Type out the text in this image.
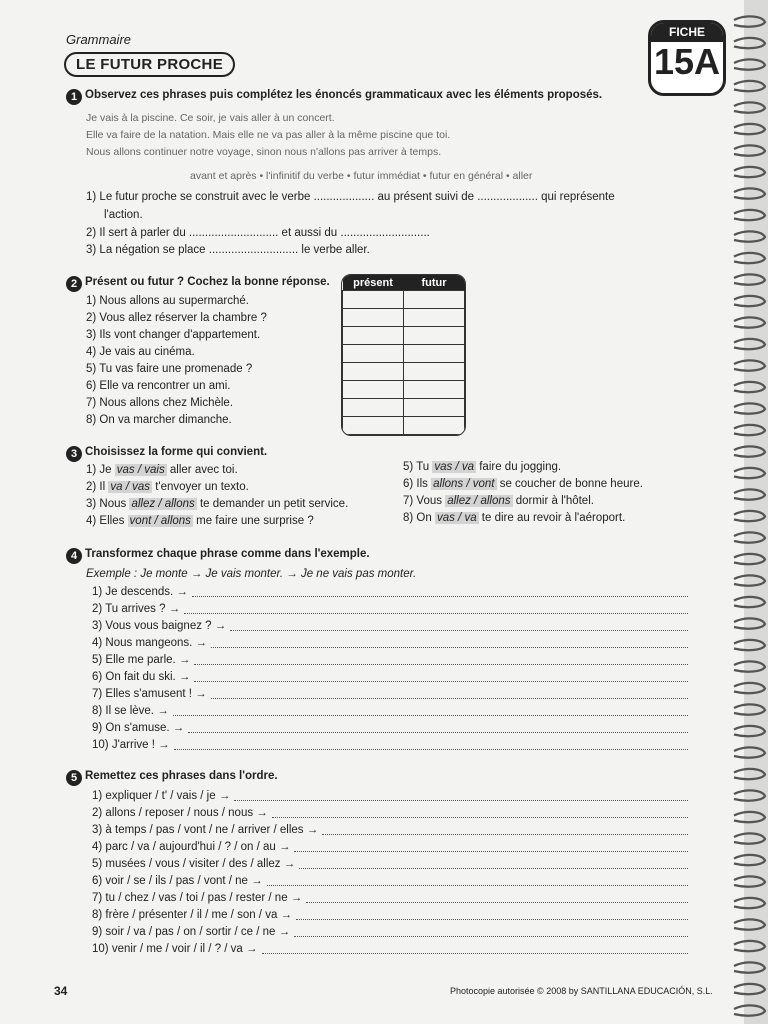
Grammaire
LE FUTUR PROCHE
FICHE
15A
1 Observez ces phrases puis complétez les énoncés grammaticaux avec les éléments proposés.
Je vais à la piscine. Ce soir, je vais aller à un concert.
Elle va faire de la natation. Mais elle ne va pas aller à la même piscine que toi.
Nous allons continuer notre voyage, sinon nous n'allons pas arriver à temps.
avant et après • l'infinitif du verbe • futur immédiat • futur en général • aller
1) Le futur proche se construit avec le verbe ................... au présent suivi de ................... qui représente
l'action.
2) Il sert à parler du ............................ et aussi du ............................
3) La négation se place ............................ le verbe aller.
2 Présent ou futur ? Cochez la bonne réponse.
1) Nous allons au supermarché.
2) Vous allez réserver la chambre ?
3) Ils vont changer d'appartement.
4) Je vais au cinéma.
5) Tu vas faire une promenade ?
6) Elle va rencontrer un ami.
7) Nous allons chez Michèle.
8) On va marcher dimanche.
présent	futur

3 Choisissez la forme qui convient.
1) Je vas / vais aller avec toi.
2) Il va / vas t'envoyer un texto.
3) Nous allez / allons te demander un petit service.
4) Elles vont / allons me faire une surprise ?
5) Tu vas / va faire du jogging.
6) Ils allons / vont se coucher de bonne heure.
7) Vous allez / allons dormir à l'hôtel.
8) On vas / va te dire au revoir à l'aéroport.
4 Transformez chaque phrase comme dans l'exemple.
Exemple : Je monte → Je vais monter. → Je ne vais pas monter.
1) Je descends. →
2) Tu arrives ? →
3) Vous vous baignez ? →
4) Nous mangeons. →
5) Elle me parle. →
6) On fait du ski. →
7) Elles s'amusent ! →
8) Il se lève. →
9) On s'amuse. →
10) J'arrive ! →
5 Remettez ces phrases dans l'ordre.
1) expliquer / t' / vais / je →
2) allons / reposer / nous / nous →
3) à temps / pas / vont / ne / arriver / elles →
4) parc / va / aujourd'hui / ? / on / au →
5) musées / vous / visiter / des / allez →
6) voir / se / ils / pas / vont / ne →
7) tu / chez / vas / toi / pas / rester / ne →
8) frère / présenter / il / me / son / va →
9) soir / va / pas / on / sortir / ce / ne →
10) venir / me / voir / il / ? / va →
34	Photocopie autorisée © 2008 by SANTILLANA EDUCACIÓN, S.L.
